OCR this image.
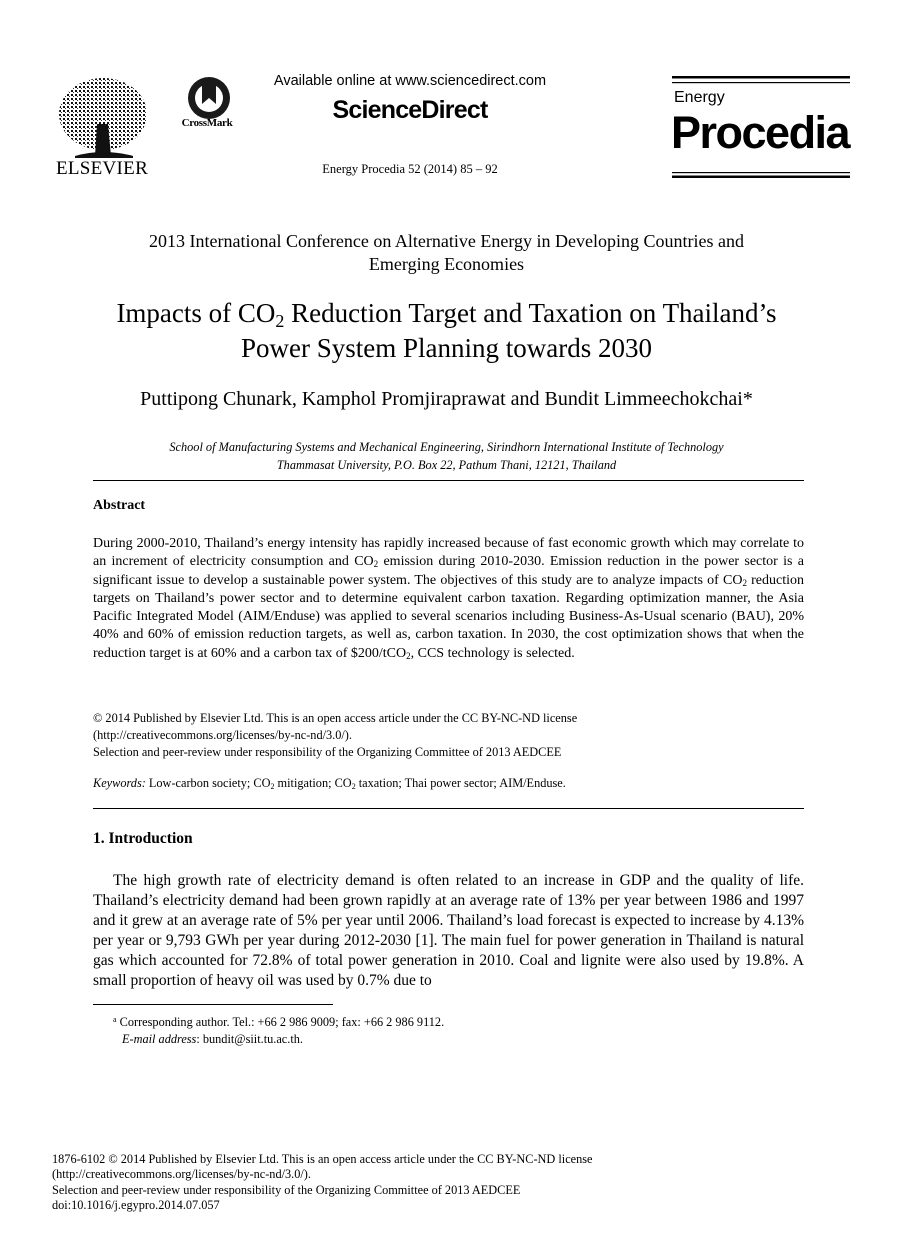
ELSEVIER
CrossMark
Available online at www.sciencedirect.com
ScienceDirect
Energy Procedia 52 (2014) 85 – 92
Energy
Procedia
2013 International Conference on Alternative Energy in Developing Countries and
Emerging Economies
Impacts of $CO_2$ Reduction Target and Taxation on Thailand’s
Power System Planning towards 2030
Puttipong Chunark, Kamphol Promjiraprawat and Bundit Limmeechokchai*
School of Manufacturing Systems and Mechanical Engineering, Sirindhorn International Institute of Technology
Thammasat University, P.O. Box 22, Pathum Thani, 12121, Thailand
Abstract
During 2000-2010, Thailand’s energy intensity has rapidly increased because of fast economic growth which may correlate to an increment of electricity consumption and $CO_2$ emission during 2010-2030. Emission reduction in the power sector is a significant issue to develop a sustainable power system. The objectives of this study are to analyze impacts of $CO_2$ reduction targets on Thailand’s power sector and to determine equivalent carbon taxation. Regarding optimization manner, the Asia Pacific Integrated Model (AIM/Enduse) was applied to several scenarios including Business-As-Usual scenario (BAU), 20% 40% and 60% of emission reduction targets, as well as, carbon taxation. In 2030, the cost optimization shows that when the reduction target is at 60% and a carbon tax of $200/tCO$_2$, CCS technology is selected.
© 2014 Published by Elsevier Ltd. This is an open access article under the CC BY-NC-ND license
(http://creativecommons.org/licenses/by-nc-nd/3.0/).
Selection and peer-review under responsibility of the Organizing Committee of 2013 AEDCEE
Keywords: Low-carbon society; $CO_2$ mitigation; $CO_2$ taxation; Thai power sector; AIM/Enduse.
1. Introduction
The high growth rate of electricity demand is often related to an increase in GDP and the quality of life. Thailand’s electricity demand had been grown rapidly at an average rate of 13% per year between 1986 and 1997 and it grew at an average rate of 5% per year until 2006. Thailand’s load forecast is expected to increase by 4.13% per year or 9,793 GWh per year during 2012-2030 [1]. The main fuel for power generation in Thailand is natural gas which accounted for 72.8% of total power generation in 2010. Coal and lignite were also used by 19.8%. A small proportion of heavy oil was used by 0.7% due to
$^a$ Corresponding author. Tel.: +66 2 986 9009; fax: +66 2 986 9112.
E-mail address: bundit@siit.tu.ac.th.
1876-6102 © 2014 Published by Elsevier Ltd. This is an open access article under the CC BY-NC-ND license
(http://creativecommons.org/licenses/by-nc-nd/3.0/).
Selection and peer-review under responsibility of the Organizing Committee of 2013 AEDCEE
doi:10.1016/j.egypro.2014.07.057
